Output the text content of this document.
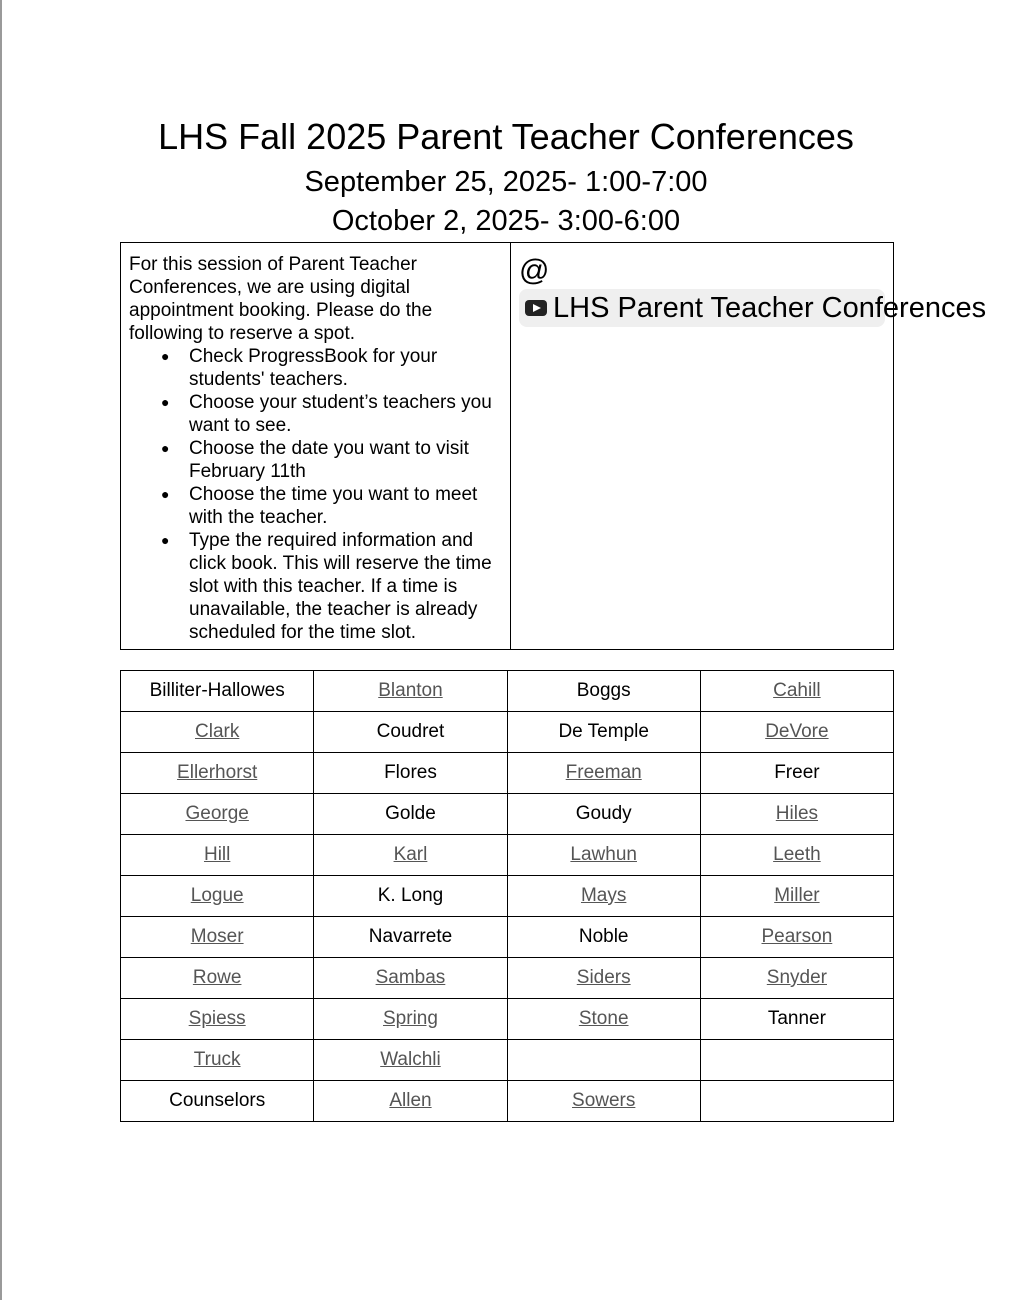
LHS Fall 2025 Parent Teacher Conferences
September 25, 2025- 1:00-7:00
October 2, 2025- 3:00-6:00
For this session of Parent Teacher Conferences, we are using digital appointment booking. Please do the following to reserve a spot.
● Check ProgressBook for your students' teachers.
● Choose your student’s teachers you want to see.
● Choose the date you want to visit February 11th
● Choose the time you want to meet with the teacher.
● Type the required information and click book. This will reserve the time slot with this teacher. If a time is unavailable, the teacher is already scheduled for the time slot.

@
LHS Parent Teacher Conferences
Billiter-Hallowes	Blanton	Boggs	Cahill
Clark	Coudret	De Temple	DeVore
Ellerhorst	Flores	Freeman	Freer
George	Golde	Goudy	Hiles
Hill	Karl	Lawhun	Leeth
Logue	K. Long	Mays	Miller
Moser	Navarrete	Noble	Pearson
Rowe	Sambas	Siders	Snyder
Spiess	Spring	Stone	Tanner
Truck	Walchli		
Counselors	Allen	Sowers	
